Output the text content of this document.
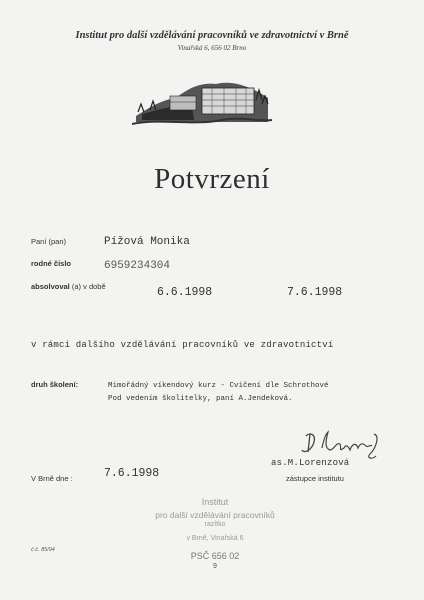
Institut pro další vzdělávání pracovníků ve zdravotnictví v Brně
Vinařská 6, 656 02 Brno
Potvrzení
Paní (pan)	Pížová Monika
rodné číslo	6959234304
absolvoval (a) v době	6.6.1998	7.6.1998
v rámci dalšího vzdělávání pracovníků ve zdravotnictví
druh školení:	Mimořádný víkendový kurz - Cvičení dle Schrothové
Pod vedením školitelky, paní A.Jendeková.
V Brně dne :	7.6.1998
as.M.Lorenzová
zástupce institutu
Institut
pro další vzdělávání pracovníků
razítko
v Brně, Vinařská 6
PSČ 656 02
9
č.č. 85/94
